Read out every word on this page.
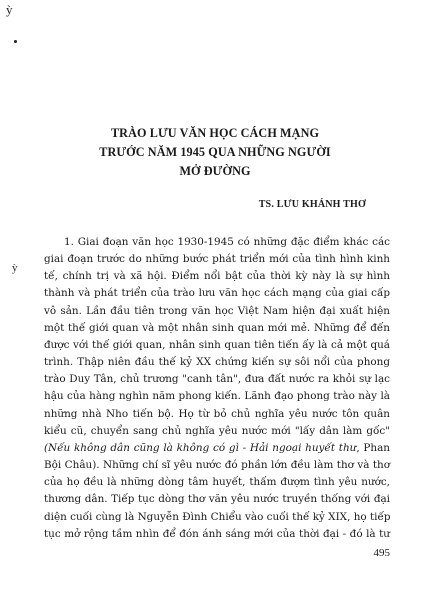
ỳ
ỳ
TRÀO LƯU VĂN HỌC CÁCH MẠNG
TRƯỚC NĂM 1945 QUA NHỮNG NGƯỜI
MỞ ĐƯỜNG

TS. LƯU KHÁNH THƠ

1. Giai đoạn văn học 1930-1945 có những đặc điểm khác các
giai đoạn trước do những bước phát triển mới của tình hình kinh
tế, chính trị và xã hội. Điểm nổi bật của thời kỳ này là sự hình
thành và phát triển của trào lưu văn học cách mạng của giai cấp
vô sản. Lần đầu tiên trong văn học Việt Nam hiện đại xuất hiện
một thế giới quan và một nhân sinh quan mới mẻ. Những để đến
được với thế giới quan, nhân sinh quan tiên tiến ấy là cả một quá
trình. Thập niên đầu thế kỷ XX chứng kiến sự sôi nổi của phong
trào Duy Tân, chủ trương "canh tân", đưa đất nước ra khỏi sự lạc
hậu của hàng nghìn năm phong kiến. Lãnh đạo phong trào này là
những nhà Nho tiến bộ. Họ từ bỏ chủ nghĩa yêu nước tôn quân
kiểu cũ, chuyển sang chủ nghĩa yêu nước mới "lấy dân làm gốc"
(Nếu không dân cũng là không có gì - Hải ngoại huyết thư, Phan
Bội Châu). Những chí sĩ yêu nước đó phần lớn đều làm thơ và thơ
của họ đều là những dòng tâm huyết, thấm đượm tình yêu nước,
thương dân. Tiếp tục dòng thơ văn yêu nước truyền thống với đại
diện cuối cùng là Nguyễn Đình Chiểu vào cuối thế kỷ XIX, họ tiếp
tục mở rộng tầm nhìn để đón ánh sáng mới của thời đại - đó là tư

495
